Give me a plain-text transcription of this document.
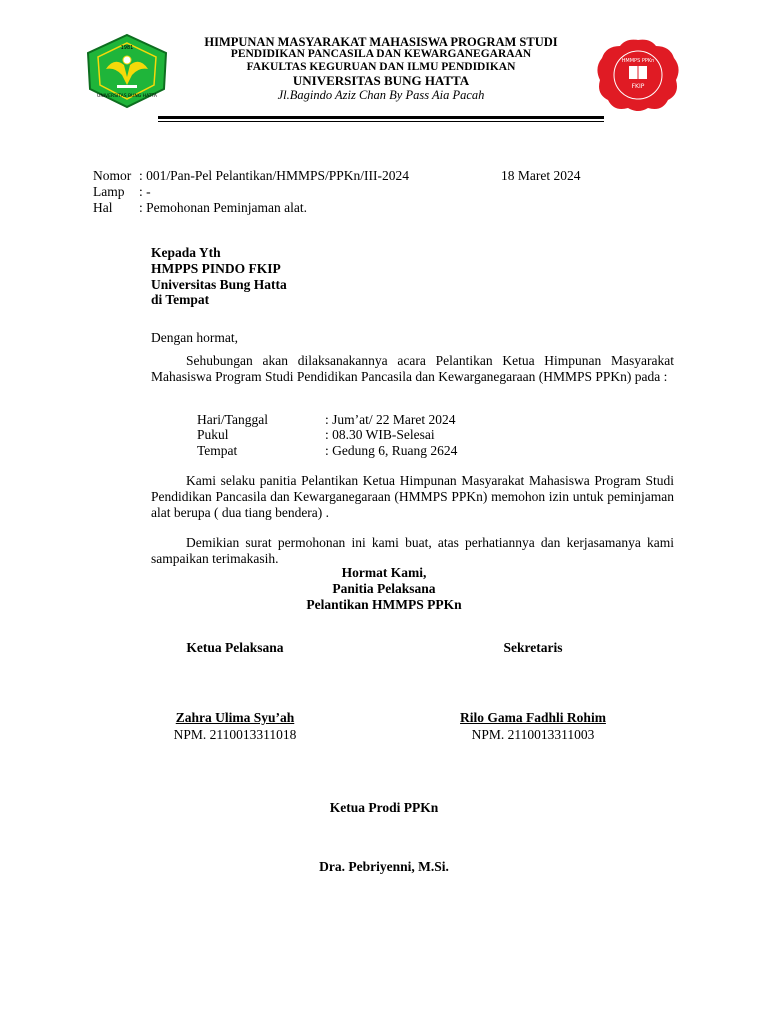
1981
UNIVERSITAS BUNG HATTA
HIMPUNAN MASYARAKAT MAHASISWA PROGRAM STUDI
PENDIDIKAN PANCASILA DAN KEWARGANEGARAAN
FAKULTAS KEGURUAN DAN ILMU PENDIDIKAN
UNIVERSITAS BUNG HATTA
Jl.Bagindo Aziz Chan By Pass Aia Pacah
HMMPS PPKn
FKIP
Nomor : 001/Pan-Pel Pelantikan/HMMPS/PPKn/III-2024	18 Maret 2024
Lamp : -
Hal : Pemohonan Peminjaman alat.
Kepada Yth
HMPPS PINDO FKIP
Universitas Bung Hatta
di Tempat
Dengan hormat,
Sehubungan akan dilaksanakannya acara Pelantikan Ketua Himpunan Masyarakat Mahasiswa Program Studi Pendidikan Pancasila dan Kewarganegaraan (HMMPS PPKn) pada :
Hari/Tanggal	: Jum’at/ 22 Maret 2024
Pukul	: 08.30 WIB-Selesai
Tempat	: Gedung 6, Ruang 2624
Kami selaku panitia Pelantikan Ketua Himpunan Masyarakat Mahasiswa Program Studi Pendidikan Pancasila dan Kewarganegaraan (HMMPS PPKn) memohon izin untuk peminjaman alat berupa ( dua tiang bendera) .
Demikian surat permohonan ini kami buat, atas perhatiannya dan kerjasamanya kami sampaikan terimakasih.
Hormat Kami,
Panitia Pelaksana
Pelantikan HMMPS PPKn
Ketua Pelaksana	Sekretaris
Zahra Ulima Syu’ah
NPM. 2110013311018
Rilo Gama Fadhli Rohim
NPM. 2110013311003
Ketua Prodi PPKn
Dra. Pebriyenni, M.Si.
